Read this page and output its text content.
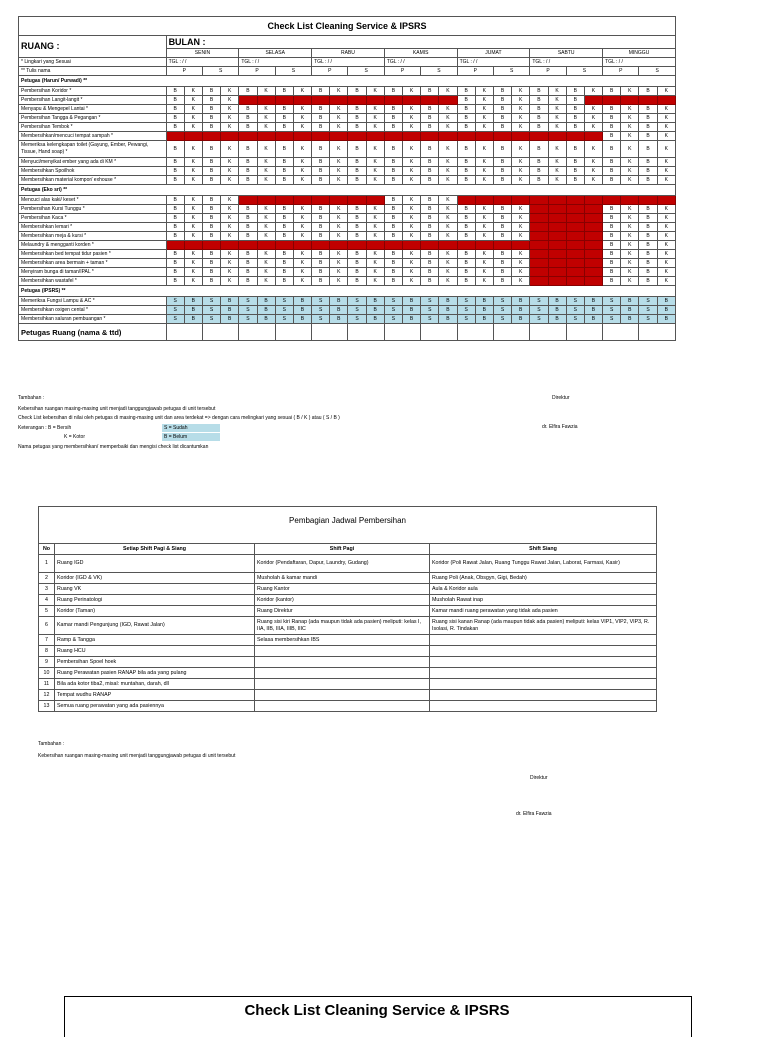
Check List Cleaning Service & IPSRS																												
RUANG :	BULAN :																											
	SENIN				SELASA				RABU				KAMIS				JUMAT				SABTU				MINGGU			
* Lingkari yang Sesuai	TGL : / /				TGL : / /				TGL : / /				TGL : / /				TGL : / /				TGL : / /				TGL : / /			
** Tulis nama	P		S		P		S		P		S		P		S		P		S		P		S		P		S	
Petugas (Harun/ Purwadi) **																												
Pembersihan Koridor *	B	K	B	K	B	K	B	K	B	K	B	K	B	K	B	K	B	K	B	K	B	K	B	K	B	K	B	K
Pembersihan Langit-langit *	B	K	B	K													B	K	B	K	B	K	B					
Menyapu & Mengepel Lantai *	B	K	B	K	B	K	B	K	B	K	B	K	B	K	B	K	B	K	B	K	B	K	B	K	B	K	B	K
Pembersihan Tangga & Pegangan *	B	K	B	K	B	K	B	K	B	K	B	K	B	K	B	K	B	K	B	K	B	K	B	K	B	K	B	K
Pembersihan Tembok *	B	K	B	K	B	K	B	K	B	K	B	K	B	K	B	K	B	K	B	K	B	K	B	K	B	K	B	K
Membersihkan/mencuci tempat sampah *																									B	K	B	K
Memeriksa kelengkapan toilet (Gayung, Ember, Pewangi, Tissue, Hand soap) *	B	K	B	K	B	K	B	K	B	K	B	K	B	K	B	K	B	K	B	K	B	K	B	K	B	K	B	K
Menyuci/menyikat ember yang ada di KM *	B	K	B	K	B	K	B	K	B	K	B	K	B	K	B	K	B	K	B	K	B	K	B	K	B	K	B	K
Membersihkan Spoilhok	B	K	B	K	B	K	B	K	B	K	B	K	B	K	B	K	B	K	B	K	B	K	B	K	B	K	B	K
Membersihkan material kompor/ exhouse *	B	K	B	K	B	K	B	K	B	K	B	K	B	K	B	K	B	K	B	K	B	K	B	K	B	K	B	K
Petugas (Eko sri) **																												
Mencuci alas kaki/ keset *	B	K	B	K									B	K	B	K												
Pembersihan Kursi Tunggu *	B	K	B	K	B	K	B	K	B	K	B	K	B	K	B	K	B	K	B	K					B	K	B	K
Pembersihan Kaca *	B	K	B	K	B	K	B	K	B	K	B	K	B	K	B	K	B	K	B	K					B	K	B	K
Membersihkan lemari *	B	K	B	K	B	K	B	K	B	K	B	K	B	K	B	K	B	K	B	K					B	K	B	K
Membersihkan meja & kursi *	B	K	B	K	B	K	B	K	B	K	B	K	B	K	B	K	B	K	B	K					B	K	B	K
Melaundry & mengganti korden *																									B	K	B	K
Membersihkan bed tempat tidur pasien *	B	K	B	K	B	K	B	K	B	K	B	K	B	K	B	K	B	K	B	K					B	K	B	K
Membersihkan area bermain + taman *	B	K	B	K	B	K	B	K	B	K	B	K	B	K	B	K	B	K	B	K					B	K	B	K
Menyiram bunga di taman/IPAL *	B	K	B	K	B	K	B	K	B	K	B	K	B	K	B	K	B	K	B	K					B	K	B	K
Membersihkan wastafel *	B	K	B	K	B	K	B	K	B	K	B	K	B	K	B	K	B	K	B	K					B	K	B	K
Petugas (IPSRS) **																												
Memeriksa Fungsi Lampu & AC *	S	B	S	B	S	B	S	B	S	B	S	B	S	B	S	B	S	B	S	B	S	B	S	B	S	B	S	B
Membersihkan oxigen cental *	S	B	S	B	S	B	S	B	S	B	S	B	S	B	S	B	S	B	S	B	S	B	S	B	S	B	S	B
Membersihkan saluran pembuangan *	S	B	S	B	S	B	S	B	S	B	S	B	S	B	S	B	S	B	S	B	S	B	S	B	S	B	S	B
Petugas Ruang (nama & ttd)																												
Tambahan :
Kebersihan ruangan masing-masing unit menjadi tanggungjawab petugas di unit tersebut
Check List kebersihan di nilai oleh petugas di masing-masing unit dan area terdekat => dengan cara melingkari yang sesuai ( B / K ) atau ( S / B )
Keterangan : B = Bersih
K = Kotor
S = Sudah
B = Belum
Nama petugas yang membersihkan/ memperbaiki dan mengisi check list dicantumkan
Direktur
dr. Elfira Fawzia
Pembagian Jadwal Pembersihan			

No	Setiap Shift Pagi & Siang	Shift Pagi	Shift Siang
1	Ruang IGD	Koridor (Pendaftaran, Dapur, Laundry, Gudang)	Koridor (Poli Rawat Jalan, Ruang Tunggu Rawat Jalan, Laborat, Farmasi, Kasir)
2	Koridor (IGD & VK)	Musholah & kamar mandi	Ruang Poli (Anak, Obsgyn, Gigi, Bedah)
3	Ruang VK	Ruang Kantor	Aula & Koridor aula
4	Ruang Perinatologi	Koridor (kantor)	Musholah Rawat inap
5	Koridor (Taman)	Ruang Direktur	Kamar mandi ruang perawatan yang tidak ada pasien
6	Kamar mandi Pengunjung (IGD, Rawat Jalan)	Ruang sisi kiri Ranap (ada maupun tidak ada pasien) meliputi: kelas I, IIA, IIB, IIIA, IIIB, IIIC	Ruang sisi kanan Ranap (ada maupun tidak ada pasien) meliputi: kelas VIP1, VIP2, VIP3, R. Isolasi, R. Tindakan
7	Ramp & Tangga	Selasa membersihkan IBS	
8	Ruang HCU		
9	Pembersihan Spoel hoek		
10	Ruang Perawatan pasien RANAP bila ada yang pulang		
11	Bila ada kotor tiba2, misal: muntahan, darah, dll		
12	Tempat wudhu RANAP		
13	Semua ruang perawatan yang ada pasiennya		
Tambahan :
Kebersihan ruangan masing-masing unit menjadi tanggungjawab petugas di unit tersebut
Direktur
dr. Elfira Fawzia
Check List Cleaning Service & IPSRS
